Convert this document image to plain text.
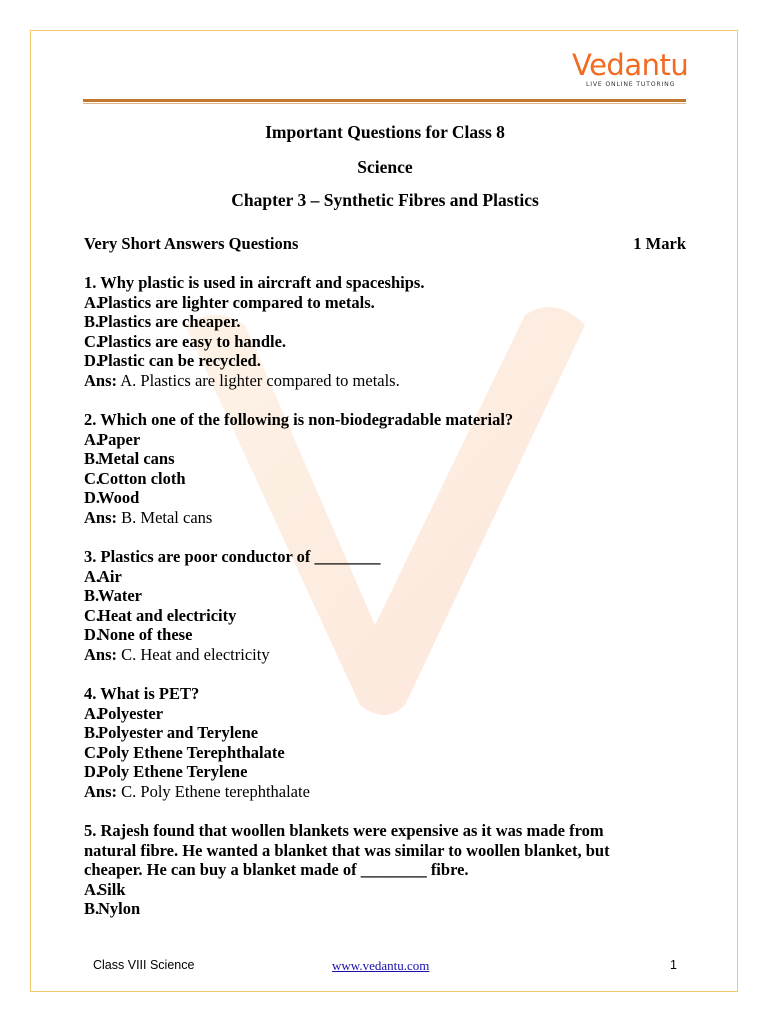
Vedantu
LIVE ONLINE TUTORING
Important Questions for Class 8
Science
Chapter 3 – Synthetic Fibres and Plastics
Very Short Answers Questions	1 Mark
1. Why plastic is used in aircraft and spaceships.
A.
Plastics are lighter compared to metals.
B.
Plastics are cheaper.
C.
Plastics are easy to handle.
D.
Plastic can be recycled.
Ans: A. Plastics are lighter compared to metals.
2. Which one of the following is non-biodegradable material?
A.
Paper
B.
Metal cans
C.
Cotton cloth
D.
Wood
Ans: B. Metal cans
3. Plastics are poor conductor of ________
A.
Air
B.
Water
C.
Heat and electricity
D.
None of these
Ans: C. Heat and electricity
4. What is PET?
A.
Polyester
B.
Polyester and Terylene
C.
Poly Ethene Terephthalate
D.
Poly Ethene Terylene
Ans: C. Poly Ethene terephthalate
5. Rajesh found that woollen blankets were expensive as it was made from
natural fibre. He wanted a blanket that was similar to woollen blanket, but
cheaper. He can buy a blanket made of ________ fibre.
A.
Silk
B.
Nylon
Class VIII Science	www.vedantu.com	1
